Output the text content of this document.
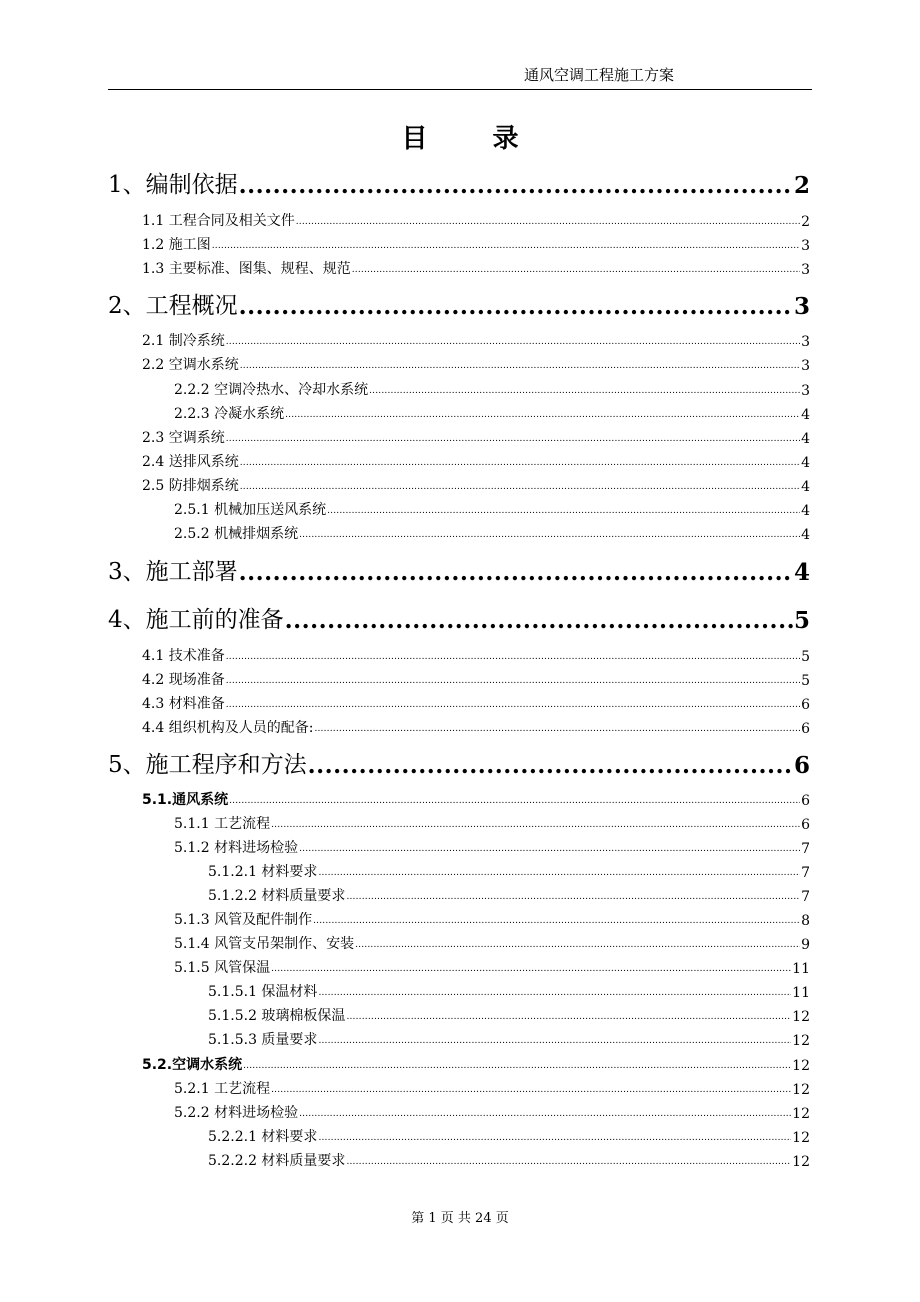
通风空调工程施工方案
目 录
1、编制依据 .....	2
1.1 工程合同及相关文件 .....	2
1.2 施工图 .....	3
1.3 主要标准、图集、规程、规范 .....	3
2、工程概况 .....	3
2.1 制冷系统 .....	3
2.2 空调水系统 .....	3
2.2.2 空调冷热水、冷却水系统 .....	3
2.2.3 冷凝水系统 .....	4
2.3 空调系统 .....	4
2.4 送排风系统 .....	4
2.5 防排烟系统 .....	4
2.5.1 机械加压送风系统 .....	4
2.5.2 机械排烟系统 .....	4
3、施工部署 .....	4
4、施工前的准备 .....	5
4.1 技术准备 .....	5
4.2 现场准备 .....	5
4.3 材料准备 .....	6
4.4 组织机构及人员的配备: .....	6
5、施工程序和方法 .....	6
5.1.通风系统 .....	6
5.1.1 工艺流程 .....	6
5.1.2 材料进场检验 .....	7
5.1.2.1 材料要求 .....	7
5.1.2.2 材料质量要求 .....	7
5.1.3 风管及配件制作 .....	8
5.1.4 风管支吊架制作、安装 .....	9
5.1.5 风管保温 .....	11
5.1.5.1 保温材料 .....	11
5.1.5.2 玻璃棉板保温 .....	12
5.1.5.3 质量要求 .....	12
5.2.空调水系统 .....	12
5.2.1 工艺流程 .....	12
5.2.2 材料进场检验 .....	12
5.2.2.1 材料要求 .....	12
5.2.2.2 材料质量要求 .....	12
第 1 页 共 24 页
